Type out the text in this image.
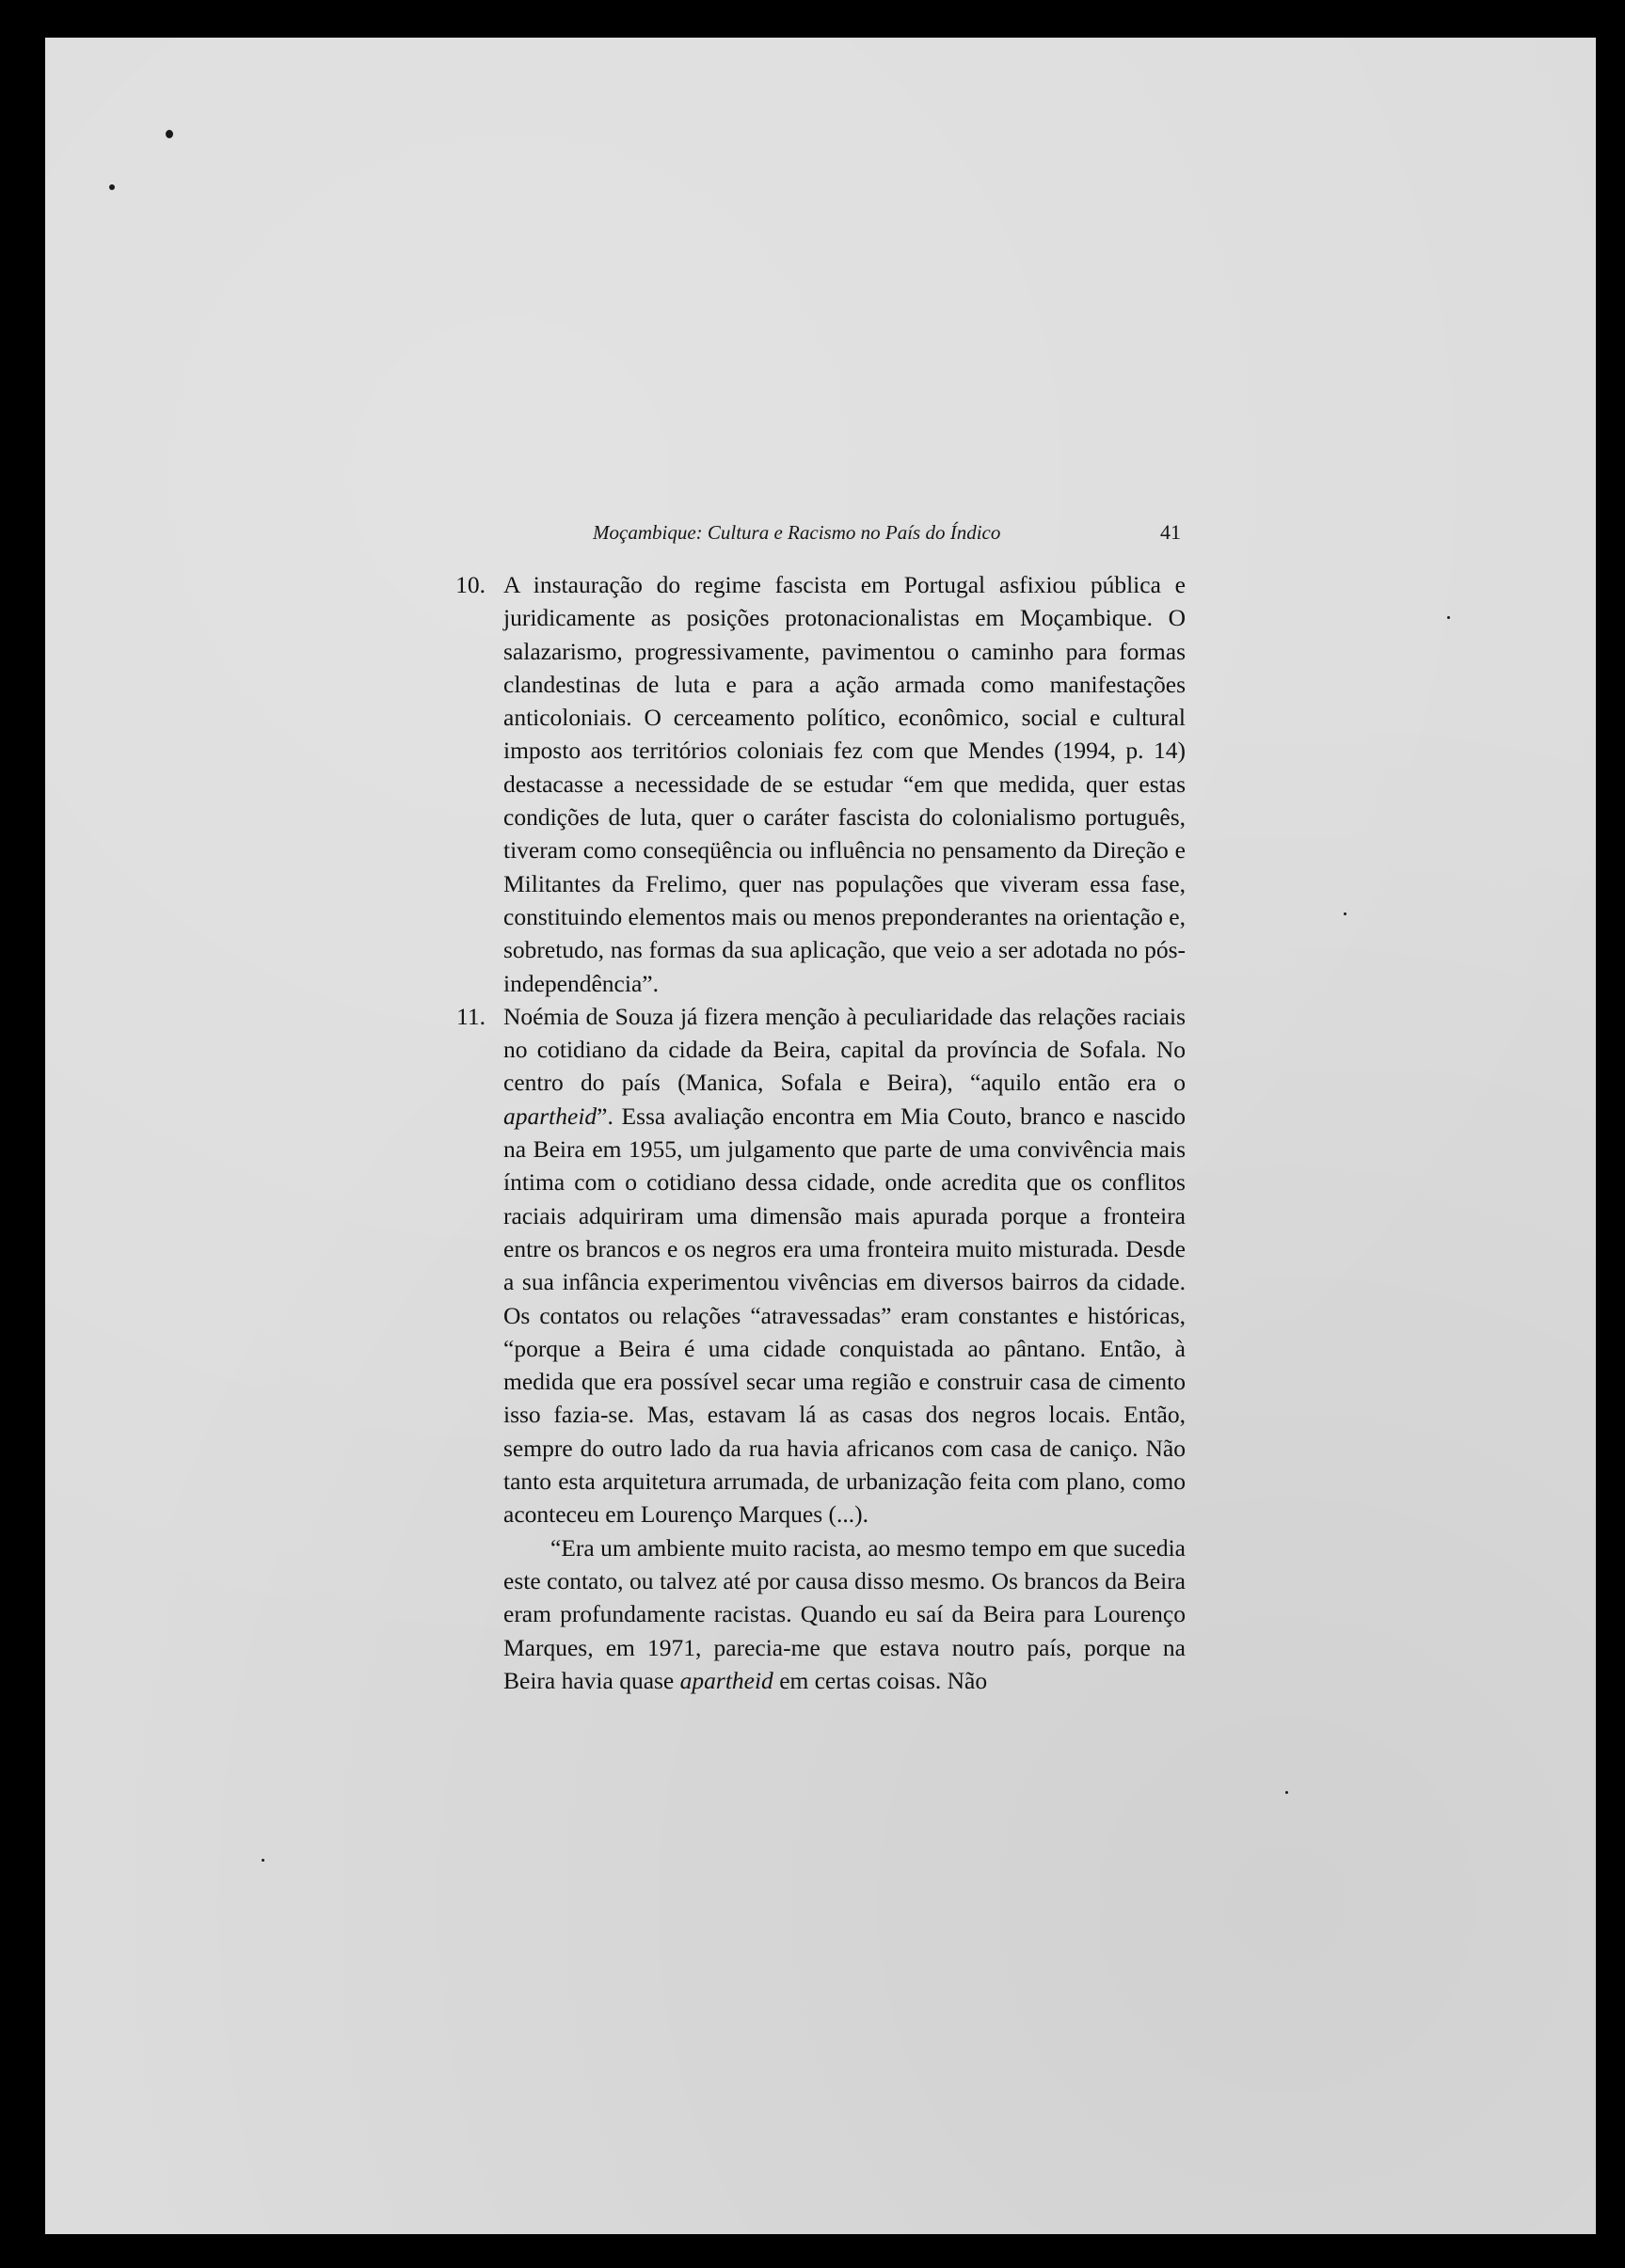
Moçambique: Cultura e Racismo no País do Índico	41
10. A instauração do regime fascista em Portugal asfixiou pública e juridicamente as posições protonacionalistas em Moçambique. O salazarismo, progressivamente, pavimentou o caminho para formas clandestinas de luta e para a ação armada como manifestações anticoloniais. O cerceamento político, econômico, social e cultural imposto aos territórios coloniais fez com que Mendes (1994, p. 14) destacasse a necessidade de se estudar “em que medida, quer estas condições de luta, quer o caráter fascista do colonialismo português, tiveram como conseqüência ou influência no pensamento da Direção e Militantes da Frelimo, quer nas populações que viveram essa fase, constituindo elementos mais ou menos preponderantes na orientação e, sobretudo, nas formas da sua aplicação, que veio a ser adotada no pós-independência”.

11. Noémia de Souza já fizera menção à peculiaridade das relações raciais no cotidiano da cidade da Beira, capital da província de Sofala. No centro do país (Manica, Sofala e Beira), “aquilo então era o apartheid”. Essa avaliação encontra em Mia Couto, branco e nascido na Beira em 1955, um julgamento que parte de uma convivência mais íntima com o cotidiano dessa cidade, onde acredita que os conflitos raciais adquiriram uma dimensão mais apurada porque a fronteira entre os brancos e os negros era uma fronteira muito misturada. Desde a sua infância experimentou vivências em diversos bairros da cidade. Os contatos ou relações “atravessadas” eram constantes e históricas, “porque a Beira é uma cidade conquistada ao pântano. Então, à medida que era possível secar uma região e construir casa de cimento isso fazia-se. Mas, estavam lá as casas dos negros locais. Então, sempre do outro lado da rua havia africanos com casa de caniço. Não tanto esta arquitetura arrumada, de urbanização feita com plano, como aconteceu em Lourenço Marques (...).

“Era um ambiente muito racista, ao mesmo tempo em que sucedia este contato, ou talvez até por causa disso mesmo. Os brancos da Beira eram profundamente racistas. Quando eu saí da Beira para Lourenço Marques, em 1971, parecia-me que estava noutro país, porque na Beira havia quase apartheid em certas coisas. Não
